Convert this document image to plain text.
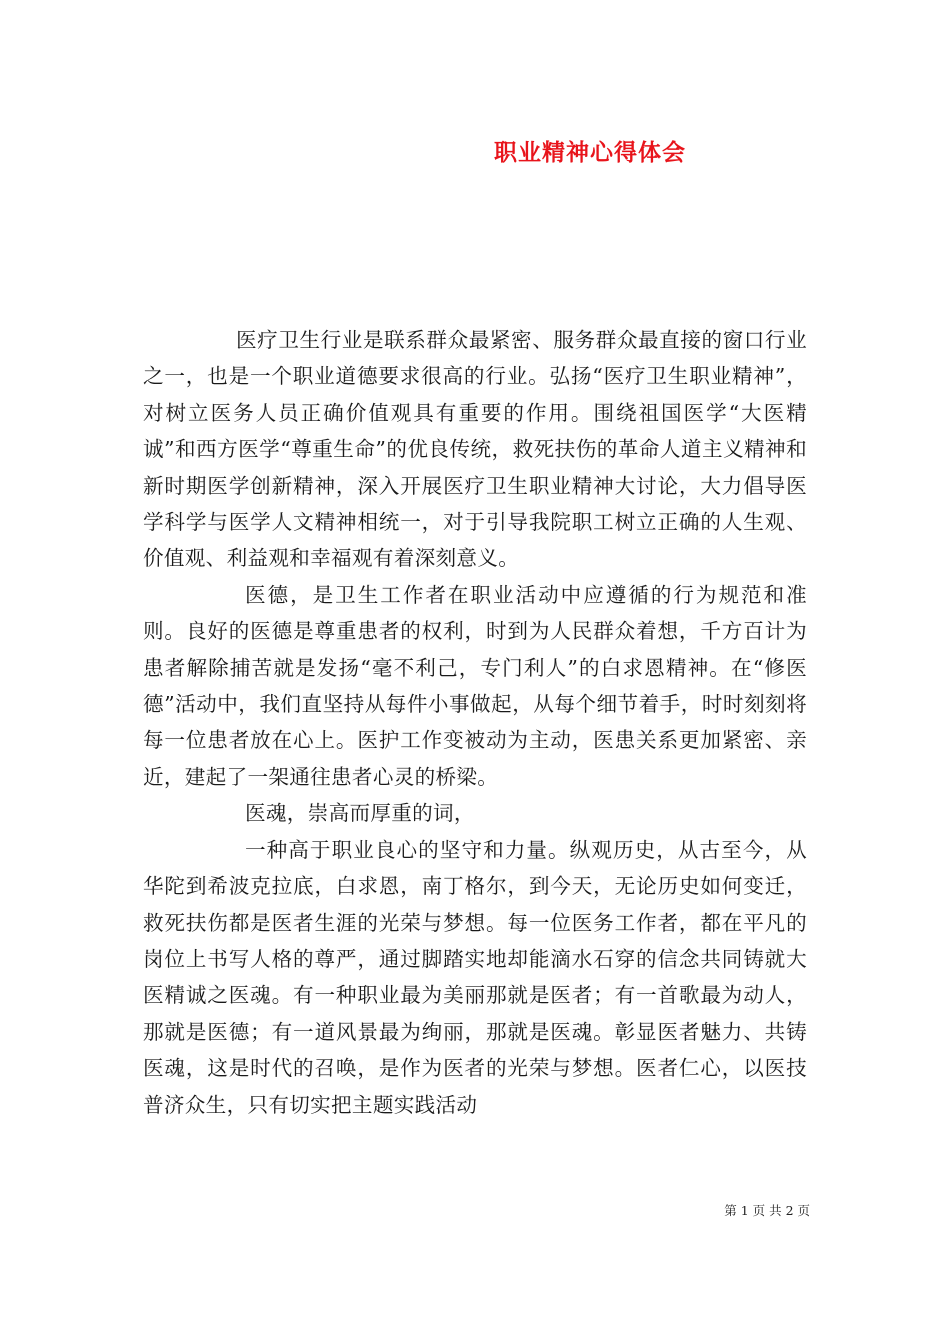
职业精神心得体会

医疗卫生行业是联系群众最紧密、服务群众最直接的窗口行业之一，也是一个职业道德要求很高的行业。弘扬“医疗卫生职业精神”，对树立医务人员正确价值观具有重要的作用。围绕祖国医学“大医精诚”和西方医学“尊重生命”的优良传统，救死扶伤的革命人道主义精神和新时期医学创新精神，深入开展医疗卫生职业精神大讨论，大力倡导医学科学与医学人文精神相统一，对于引导我院职工树立正确的人生观、价值观、利益观和幸福观有着深刻意义。

医德，是卫生工作者在职业活动中应遵循的行为规范和准则。良好的医德是尊重患者的权利，时到为人民群众着想，千方百计为患者解除捕苦就是发扬“毫不利己，专门利人”的白求恩精神。在“修医德”活动中，我们直坚持从每件小事做起，从每个细节着手，时时刻刻将每一位患者放在心上。医护工作变被动为主动，医患关系更加紧密、亲近，建起了一架通往患者心灵的桥梁。

医魂，崇高而厚重的词，

一种高于职业良心的坚守和力量。纵观历史，从古至今，从华陀到希波克拉底，白求恩，南丁格尔，到今天，无论历史如何变迁，救死扶伤都是医者生涯的光荣与梦想。每一位医务工作者，都在平凡的岗位上书写人格的尊严，通过脚踏实地却能滴水石穿的信念共同铸就大医精诚之医魂。有一种职业最为美丽那就是医者；有一首歌最为动人，那就是医德；有一道风景最为绚丽，那就是医魂。彰显医者魅力、共铸医魂，这是时代的召唤，是作为医者的光荣与梦想。医者仁心，以医技普济众生，只有切实把主题实践活动

第 1 页 共 2 页
